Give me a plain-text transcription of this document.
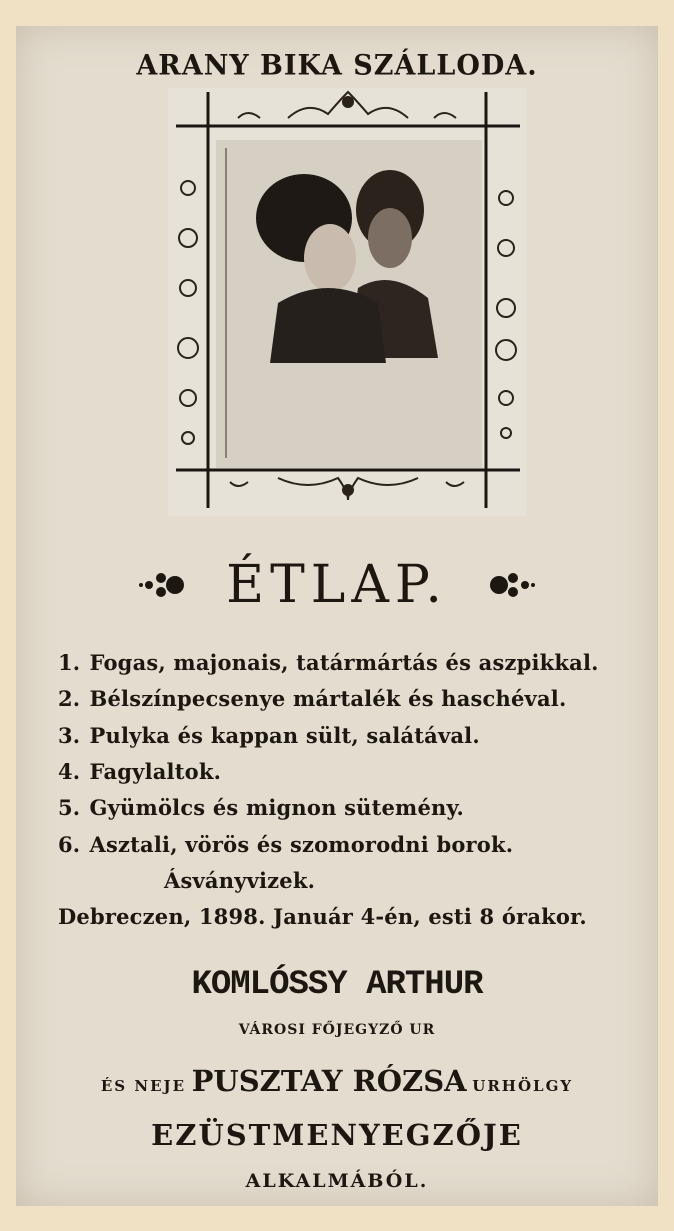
ARANY BIKA SZÁLLODA.
ÉTLAP.
1. Fogas, majonais, tatármártás és aszpikkal.
2. Bélszínpecsenye mártalék és haschéval.
3. Pulyka és kappan sült, salátával.
4. Fagylaltok.
5. Gyümölcs és mignon sütemény.
6. Asztali, vörös és szomorodni borok.
Ásványvizek.
Debreczen, 1898. Január 4-én, esti 8 órakor.
KOMLÓSSY ARTHUR
VÁROSI FŐJEGYZŐ UR
ÉS NEJE PUSZTAY RÓZSA URHÖLGY
EZÜSTMENYEGZŐJE
ALKALMÁBÓL.
